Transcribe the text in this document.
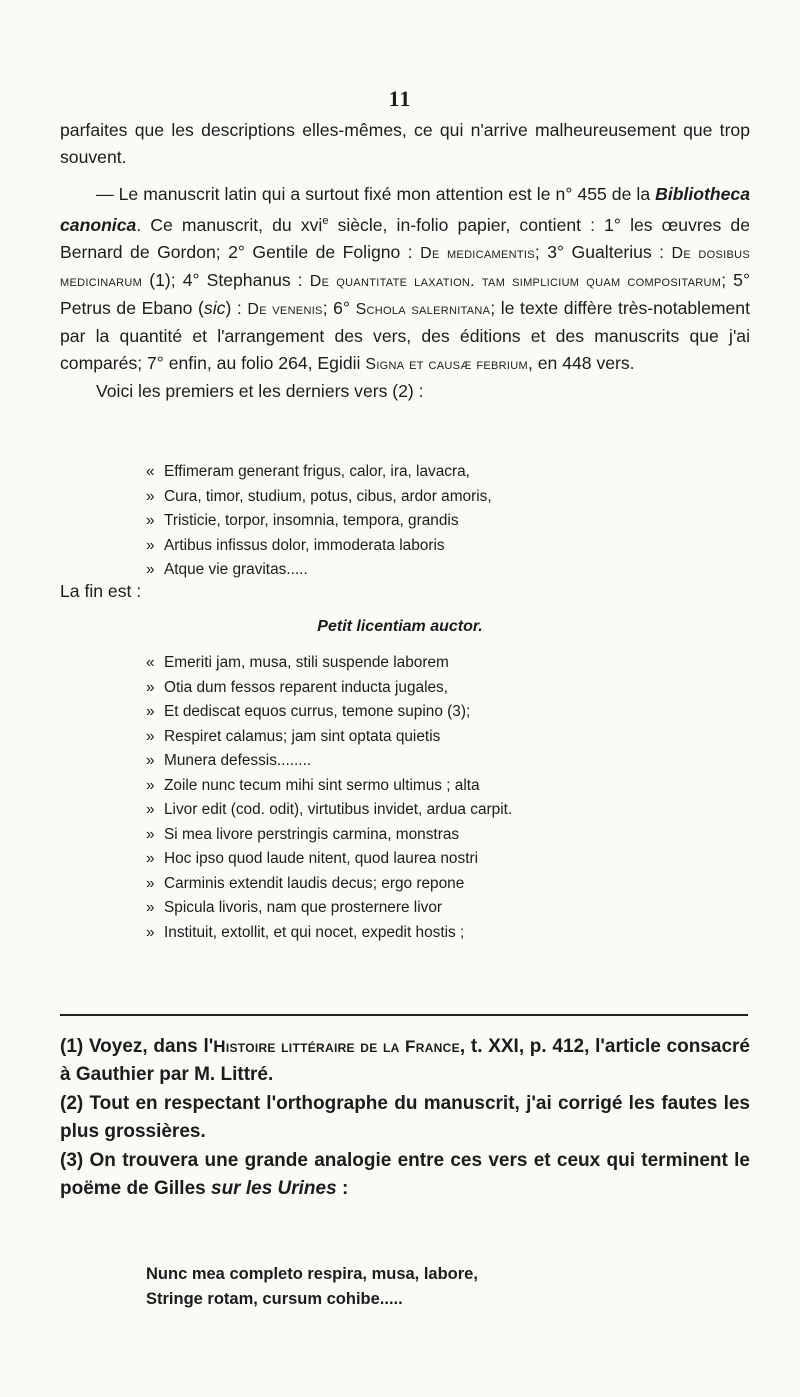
11

parfaites que les descriptions elles-mêmes, ce qui n'arrive malheureusement que trop souvent.

— Le manuscrit latin qui a surtout fixé mon attention est le n° 455 de la Bibliotheca canonica. Ce manuscrit, du xvi$^e$ siècle, in-folio papier, contient : 1° les œuvres de Bernard de Gordon; 2° Gentile de Foligno : De medicamentis; 3° Gualterius : De dosibus medicinarum (1); 4° Stephanus : De quantitate laxation. tam simplicium quam compositarum; 5° Petrus de Ebano (sic) : De venenis; 6° Schola salernitana; le texte diffère très-notablement par la quantité et l'arrangement des vers, des éditions et des manuscrits que j'ai comparés; 7° enfin, au folio 264, Egidii Signa et causæ febrium, en 448 vers.

Voici les premiers et les derniers vers (2) :

« Effimeram generant frigus, calor, ira, lavacra,
» Cura, timor, studium, potus, cibus, ardor amoris,
» Tristicie, torpor, insomnia, tempora, grandis
» Artibus infissus dolor, immoderata laboris
» Atque vie gravitas.....
La fin est :
Petit licentiam auctor.
« Emeriti jam, musa, stili suspende laborem
» Otia dum fessos reparent inducta jugales,
» Et dediscat equos currus, temone supino (3);
» Respiret calamus; jam sint optata quietis
» Munera defessis........
» Zoile nunc tecum mihi sint sermo ultimus ; alta
» Livor edit (cod. odit), virtutibus invidet, ardua carpit.
» Si mea livore perstringis carmina, monstras
» Hoc ipso quod laude nitent, quod laurea nostri
» Carminis extendit laudis decus; ergo repone
» Spicula livoris, nam que prosternere livor
» Instituit, extollit, et qui nocet, expedit hostis ;

(1) Voyez, dans l'Histoire littéraire de la France, t. XXI, p. 412, l'article consacré à Gauthier par M. Littré.

(2) Tout en respectant l'orthographe du manuscrit, j'ai corrigé les fautes les plus grossières.

(3) On trouvera une grande analogie entre ces vers et ceux qui terminent le poëme de Gilles sur les Urines :

Nunc mea completo respira, musa, labore,
Stringe rotam, cursum cohibe.....
